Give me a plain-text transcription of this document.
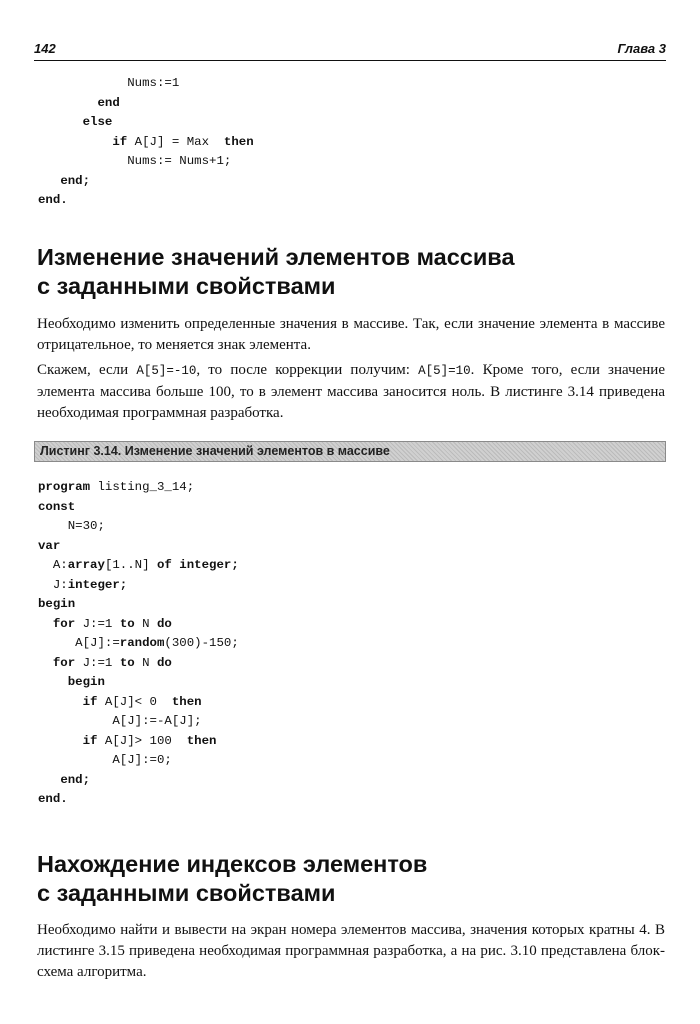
142	Глава 3
Nums:=1
end
else
if A[J] = Max  then
Nums:= Nums+1;
end;
end.
Изменение значений элементов массива
с заданными свойствами

Необходимо изменить определенные значения в массиве. Так, если значение элемента в массиве отрицательное, то меняется знак элемента.

Скажем, если A[5]=-10, то после коррекции получим: A[5]=10. Кроме того, если значение элемента массива больше 100, то в элемент массива заносится ноль. В листинге 3.14 приведена необходимая программная разработка.

Листинг 3.14. Изменение значений элементов в массиве
program listing_3_14;
const
N=30;
var
A:array[1..N] of integer;
J:integer;
begin
for J:=1 to N do
A[J]:=random(300)-150;
for J:=1 to N do
begin
if A[J]< 0  then
A[J]:=-A[J];
if A[J]> 100  then
A[J]:=0;
end;
end.
Нахождение индексов элементов
с заданными свойствами

Необходимо найти и вывести на экран номера элементов массива, значения которых кратны 4. В листинге 3.15 приведена необходимая программная разработка, а на рис. 3.10 представлена блок-схема алгоритма.
